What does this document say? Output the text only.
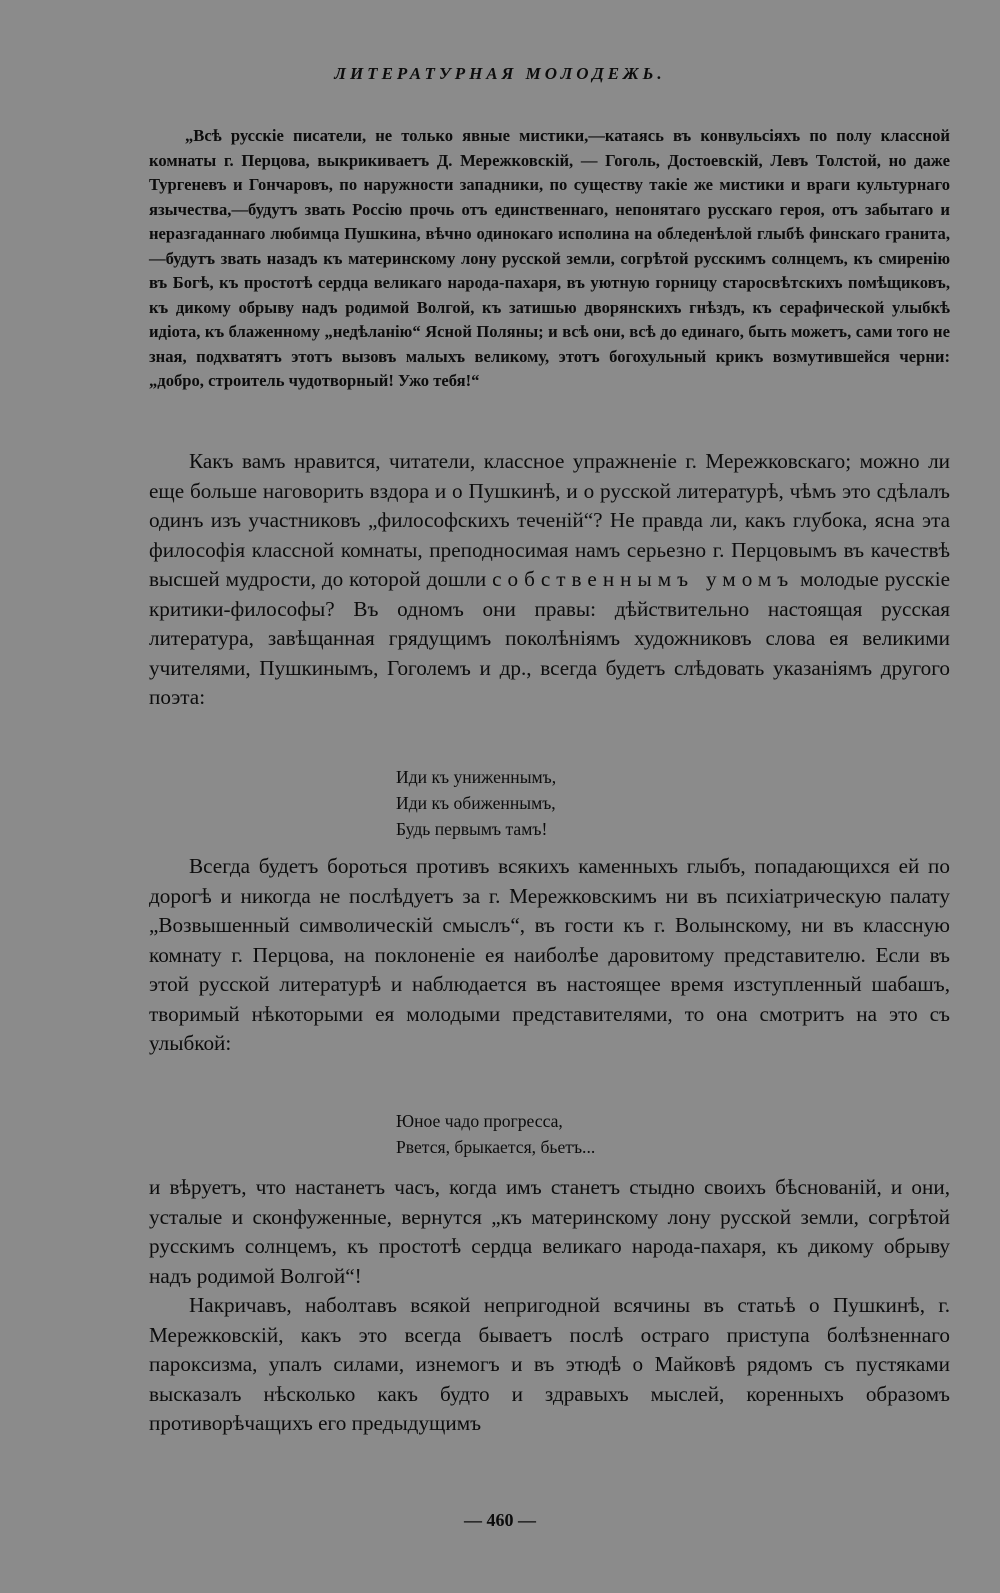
ЛИТЕРАТУРНАЯ МОЛОДЕЖЬ.

„Всѣ русскіе писатели, не только явные мистики,—катаясь въ конвульсіяхъ по полу классной комнаты г. Перцова, выкрикиваетъ Д. Мережковскій, — Гоголь, Достоевскій, Левъ Толстой, но даже Тургеневъ и Гончаровъ, по наружности западники, по существу такіе же мистики и враги культурнаго язычества,—будутъ звать Россію прочь отъ единственнаго, непонятаго русскаго героя, отъ забытаго и неразгаданнаго любимца Пушкина, вѣчно одинокаго исполина на обледенѣлой глыбѣ финскаго гранита,—будутъ звать назадъ къ материнскому лону русской земли, согрѣтой русскимъ солнцемъ, къ смиренію въ Богѣ, къ простотѣ сердца великаго народа-пахаря, въ уютную горницу старосвѣтскихъ помѣщиковъ, къ дикому обрыву надъ родимой Волгой, къ затишью дворянскихъ гнѣздъ, къ серафической улыбкѣ идіота, къ блаженному „недѣланію“ Ясной Поляны; и всѣ они, всѣ до единаго, быть можетъ, сами того не зная, подхватятъ этотъ вызовъ малыхъ великому, этотъ богохульный крикъ возмутившейся черни: „добро, строитель чудотворный! Ужо тебя!“

Какъ вамъ нравится, читатели, классное упражненіе г. Мережковскаго; можно ли еще больше наговорить вздора и о Пушкинѣ, и о русской литературѣ, чѣмъ это сдѣлалъ одинъ изъ участниковъ „философскихъ теченій“? Не правда ли, какъ глубока, ясна эта философія классной комнаты, преподносимая намъ серьезно г. Перцовымъ въ качествѣ высшей мудрости, до которой дошли собственнымъ умомъ молодые русскіе критики-философы? Въ одномъ они правы: дѣйствительно настоящая русская литература, завѣщанная грядущимъ поколѣніямъ художниковъ слова ея великими учителями, Пушкинымъ, Гоголемъ и др., всегда будетъ слѣдовать указаніямъ другого поэта:

Иди къ униженнымъ,
Иди къ обиженнымъ,
Будь первымъ тамъ!

Всегда будетъ бороться противъ всякихъ каменныхъ глыбъ, попадающихся ей по дорогѣ и никогда не послѣдуетъ за г. Мережковскимъ ни въ психіатрическую палату „Возвышенный символическій смыслъ“, въ гости къ г. Волынскому, ни въ классную комнату г. Перцова, на поклоненіе ея наиболѣе даровитому представителю. Если въ этой русской литературѣ и наблюдается въ настоящее время изступленный шабашъ, творимый нѣкоторыми ея молодыми представителями, то она смотритъ на это съ улыбкой:

Юное чадо прогресса,
Рвется, брыкается, бьетъ...

и вѣруетъ, что настанетъ часъ, когда имъ станетъ стыдно своихъ бѣснованій, и они, усталые и сконфуженные, вернутся „къ материнскому лону русской земли, согрѣтой русскимъ солнцемъ, къ простотѣ сердца великаго народа-пахаря, къ дикому обрыву надъ родимой Волгой“!

Накричавъ, наболтавъ всякой непригодной всячины въ статьѣ о Пушкинѣ, г. Мережковскій, какъ это всегда бываетъ послѣ остраго приступа болѣзненнаго пароксизма, упалъ силами, изнемогъ и въ этюдѣ о Майковѣ рядомъ съ пустяками высказалъ нѣсколько какъ будто и здравыхъ мыслей, коренныхъ образомъ противорѣчащихъ его предыдущимъ

— 460 —
